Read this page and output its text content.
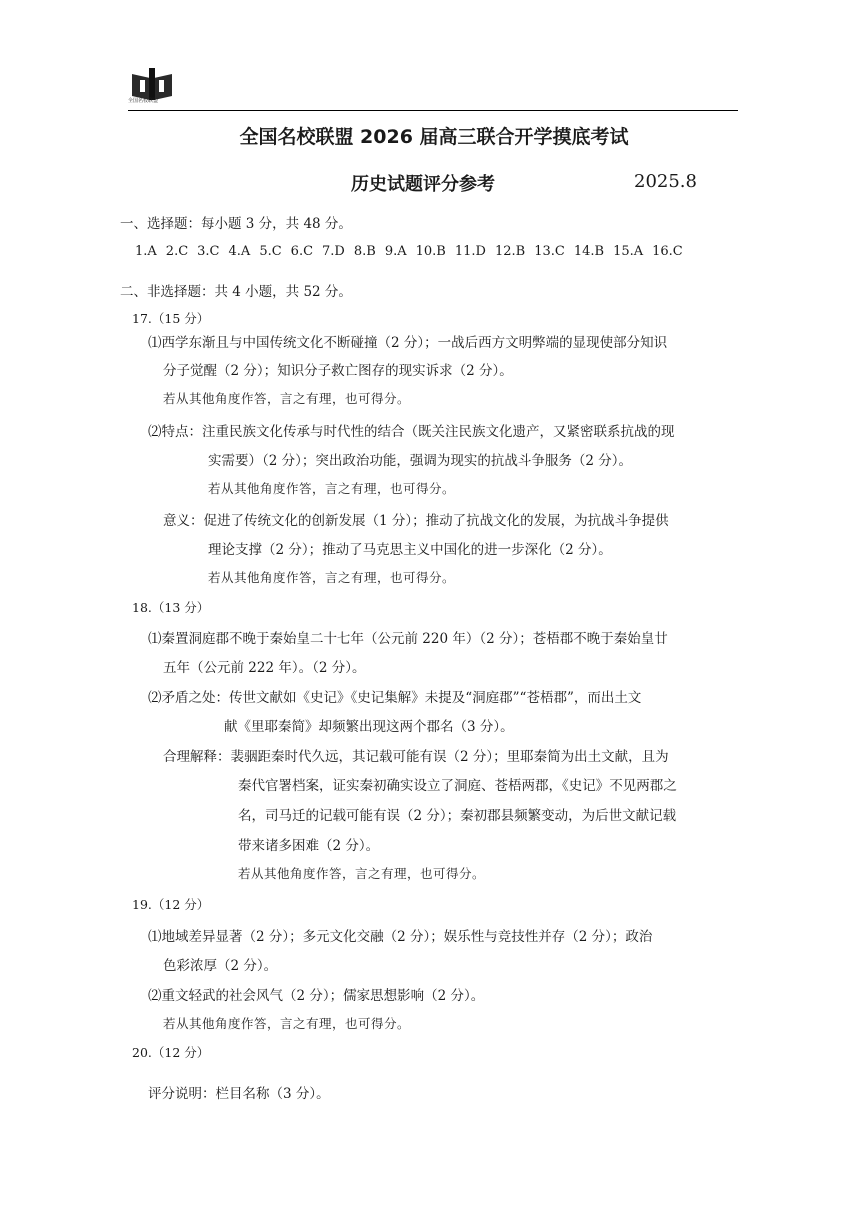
全国名校联盟
全国名校联盟 2026 届高三联合开学摸底考试
历史试题评分参考	2025.8
一、选择题：每小题 3 分，共 48 分。
1.A 2.C 3.C 4.A 5.C 6.C 7.D 8.B 9.A 10.B 11.D 12.B 13.C 14.B 15.A 16.C
二、非选择题：共 4 小题，共 52 分。
17.（15 分）
⑴西学东渐且与中国传统文化不断碰撞（2 分）；一战后西方文明弊端的显现使部分知识
分子觉醒（2 分）；知识分子救亡图存的现实诉求（2 分）。
若从其他角度作答，言之有理，也可得分。
⑵特点：注重民族文化传承与时代性的结合（既关注民族文化遗产，又紧密联系抗战的现
实需要）（2 分）；突出政治功能，强调为现实的抗战斗争服务（2 分）。
若从其他角度作答，言之有理，也可得分。
意义：促进了传统文化的创新发展（1 分）；推动了抗战文化的发展，为抗战斗争提供
理论支撑（2 分）；推动了马克思主义中国化的进一步深化（2 分）。
若从其他角度作答，言之有理，也可得分。
18.（13 分）
⑴秦置洞庭郡不晚于秦始皇二十七年（公元前 220 年）（2 分）；苍梧郡不晚于秦始皇廿
五年（公元前 222 年）。（2 分）。
⑵矛盾之处：传世文献如《史记》《史记集解》未提及“洞庭郡”“苍梧郡”，而出土文
献《里耶秦简》却频繁出现这两个郡名（3 分）。
合理解释：裴骃距秦时代久远，其记载可能有误（2 分）；里耶秦简为出土文献，且为
秦代官署档案，证实秦初确实设立了洞庭、苍梧两郡，《史记》不见两郡之
名，司马迁的记载可能有误（2 分）；秦初郡县频繁变动，为后世文献记载
带来诸多困难（2 分）。
若从其他角度作答，言之有理，也可得分。
19.（12 分）
⑴地域差异显著（2 分）；多元文化交融（2 分）；娱乐性与竞技性并存（2 分）；政治
色彩浓厚（2 分）。
⑵重文轻武的社会风气（2 分）；儒家思想影响（2 分）。
若从其他角度作答，言之有理，也可得分。
20.（12 分）
评分说明：栏目名称（3 分）。
